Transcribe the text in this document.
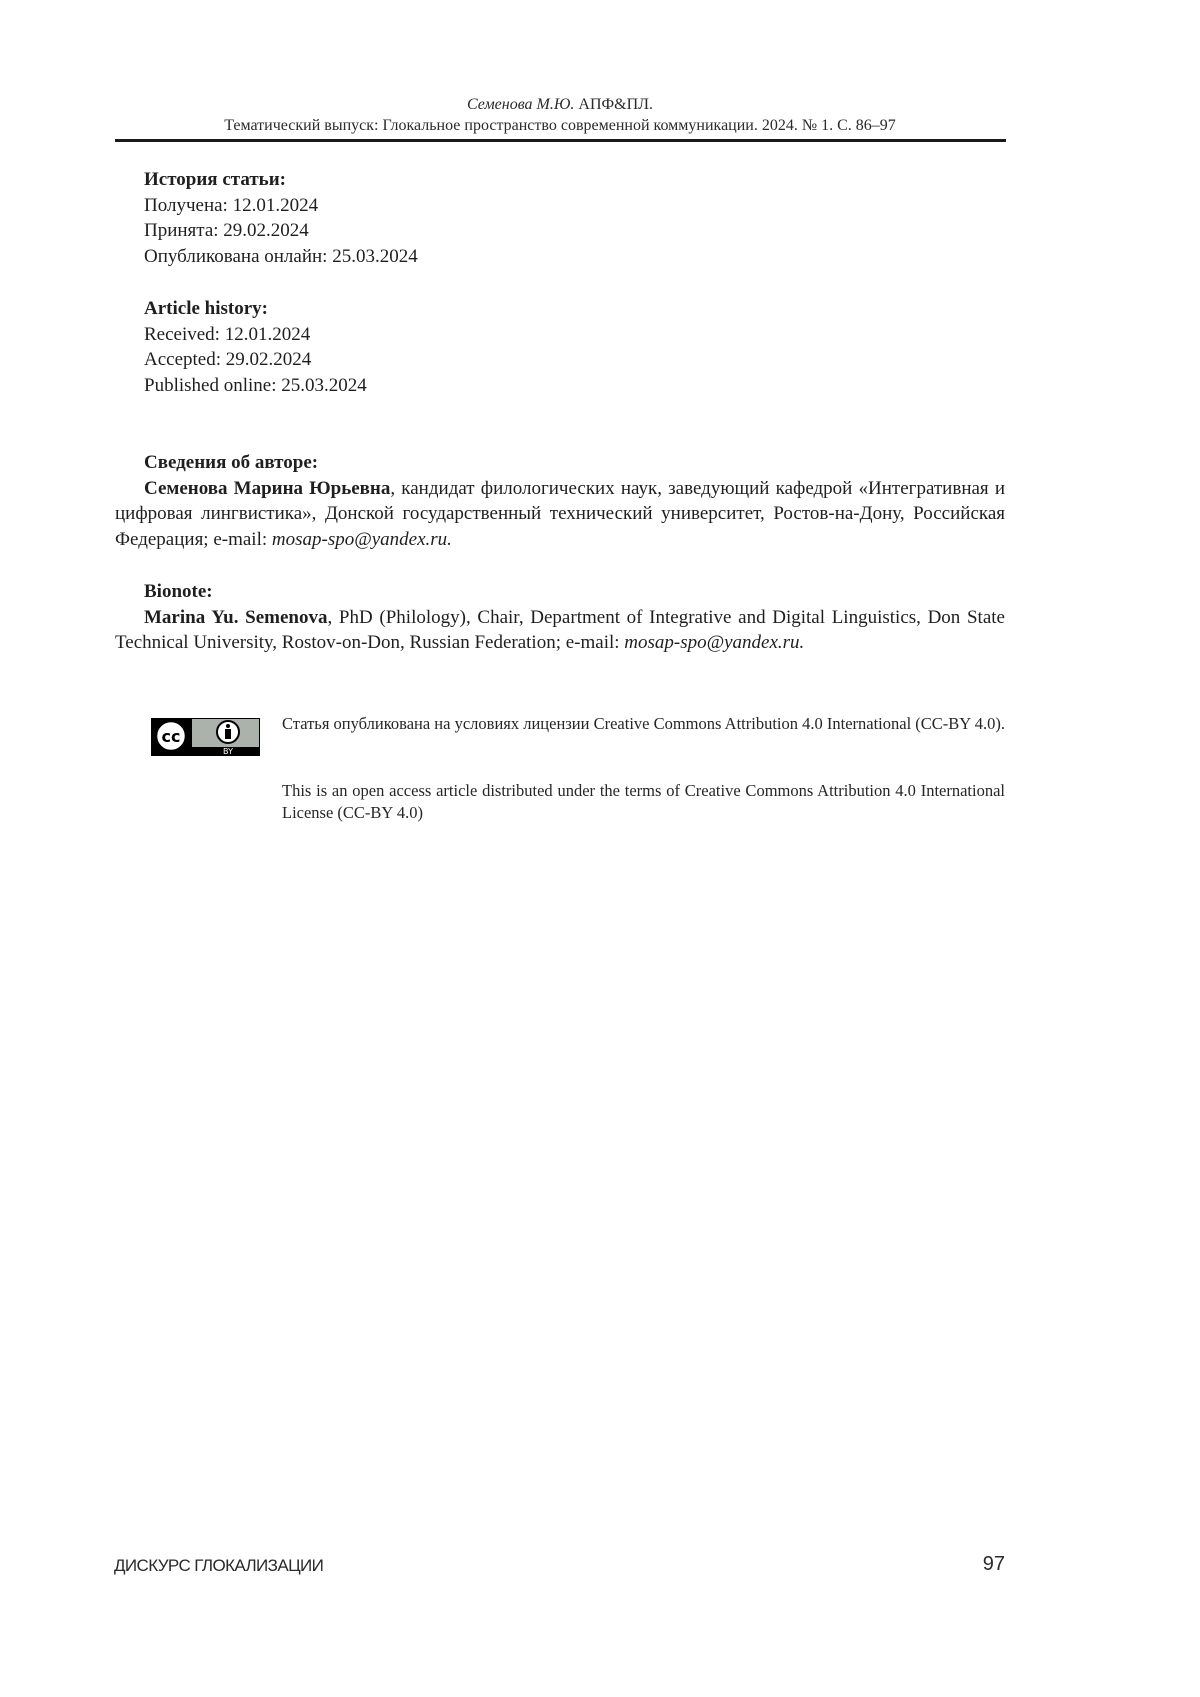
Семенова М.Ю. АПФ&ПЛ.
Тематический выпуск: Глокальное пространство современной коммуникации. 2024. № 1. С. 86–97
История статьи:
Получена: 12.01.2024
Принята: 29.02.2024
Опубликована онлайн: 25.03.2024
Article history:
Received: 12.01.2024
Accepted: 29.02.2024
Published online: 25.03.2024
Сведения об авторе:

Семенова Марина Юрьевна, кандидат филологических наук, заведующий кафедрой «Интегративная и цифровая лингвистика», Донской государственный технический университет, Ростов-на-Дону, Российская Федерация; e-mail: mosap-spo@yandex.ru.

Bionote:

Marina Yu. Semenova, PhD (Philology), Chair, Department of Integrative and Digital Linguistics, Don State Technical University, Rostov-on-Don, Russian Federation; e-mail: mosap-spo@yandex.ru.

cc
BY
Статья опубликована на условиях лицензии Creative Commons Attribution 4.0 International (CC-BY 4.0).
This is an open access article distributed under the terms of Creative Commons Attribution 4.0 International License (CC-BY 4.0)
ДИСКУРС ГЛОКАЛИЗАЦИИ	97
